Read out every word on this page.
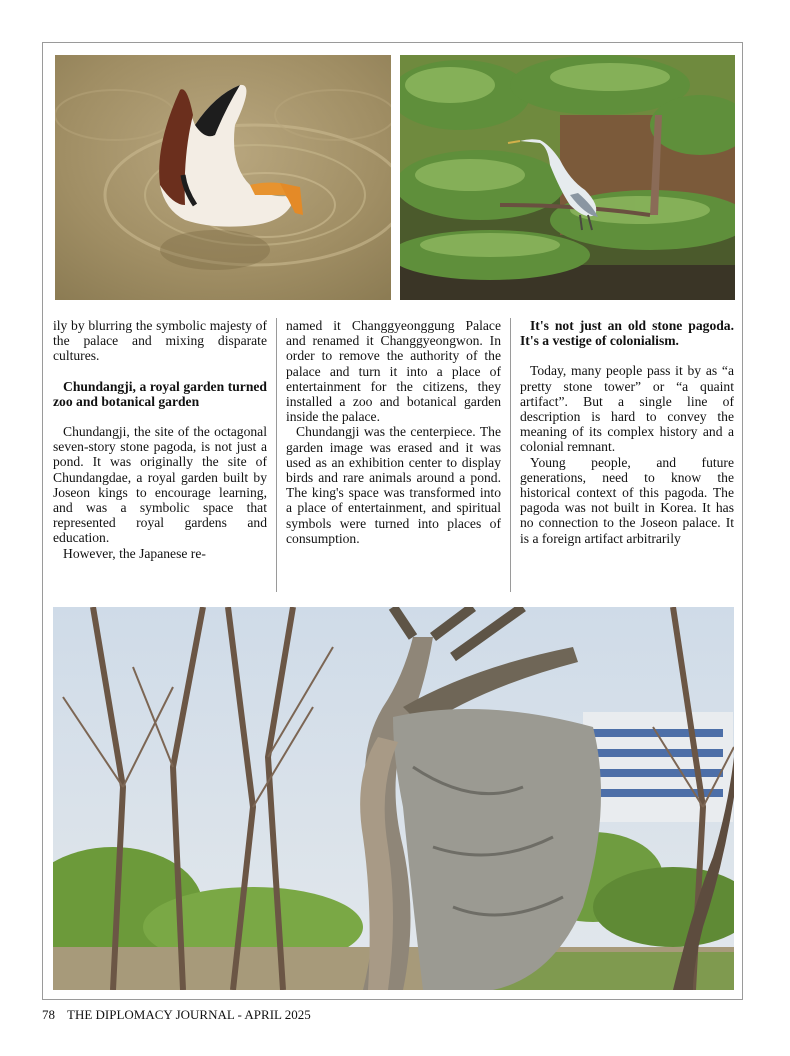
ily by blurring the symbolic majesty of the palace and mixing disparate cultures.

Chundangji, a royal garden turned zoo and botanical garden

Chundangji, the site of the octagonal seven-story stone pagoda, is not just a pond. It was originally the site of Chundangdae, a royal garden built by Joseon kings to encourage learning, and was a symbolic space that represented royal gardens and education.

However, the Japanese re-

named it Changgyeonggung Palace and renamed it Changgyeongwon. In order to remove the authority of the palace and turn it into a place of entertainment for the citizens, they installed a zoo and botanical garden inside the palace.

Chundangji was the centerpiece. The garden image was erased and it was used as an exhibition center to display birds and rare animals around a pond. The king's space was transformed into a place of entertainment, and spiritual symbols were turned into places of consumption.

It's not just an old stone pagoda. It's a vestige of colonialism.

Today, many people pass it by as “a pretty stone tower” or “a quaint artifact”. But a single line of description is hard to convey the meaning of its complex history and a colonial remnant.

Young people, and future generations, need to know the historical context of this pagoda. The pagoda was not built in Korea. It has no connection to the Joseon palace. It is a foreign artifact arbitrarily

78 THE DIPLOMACY JOURNAL - APRIL 2025
